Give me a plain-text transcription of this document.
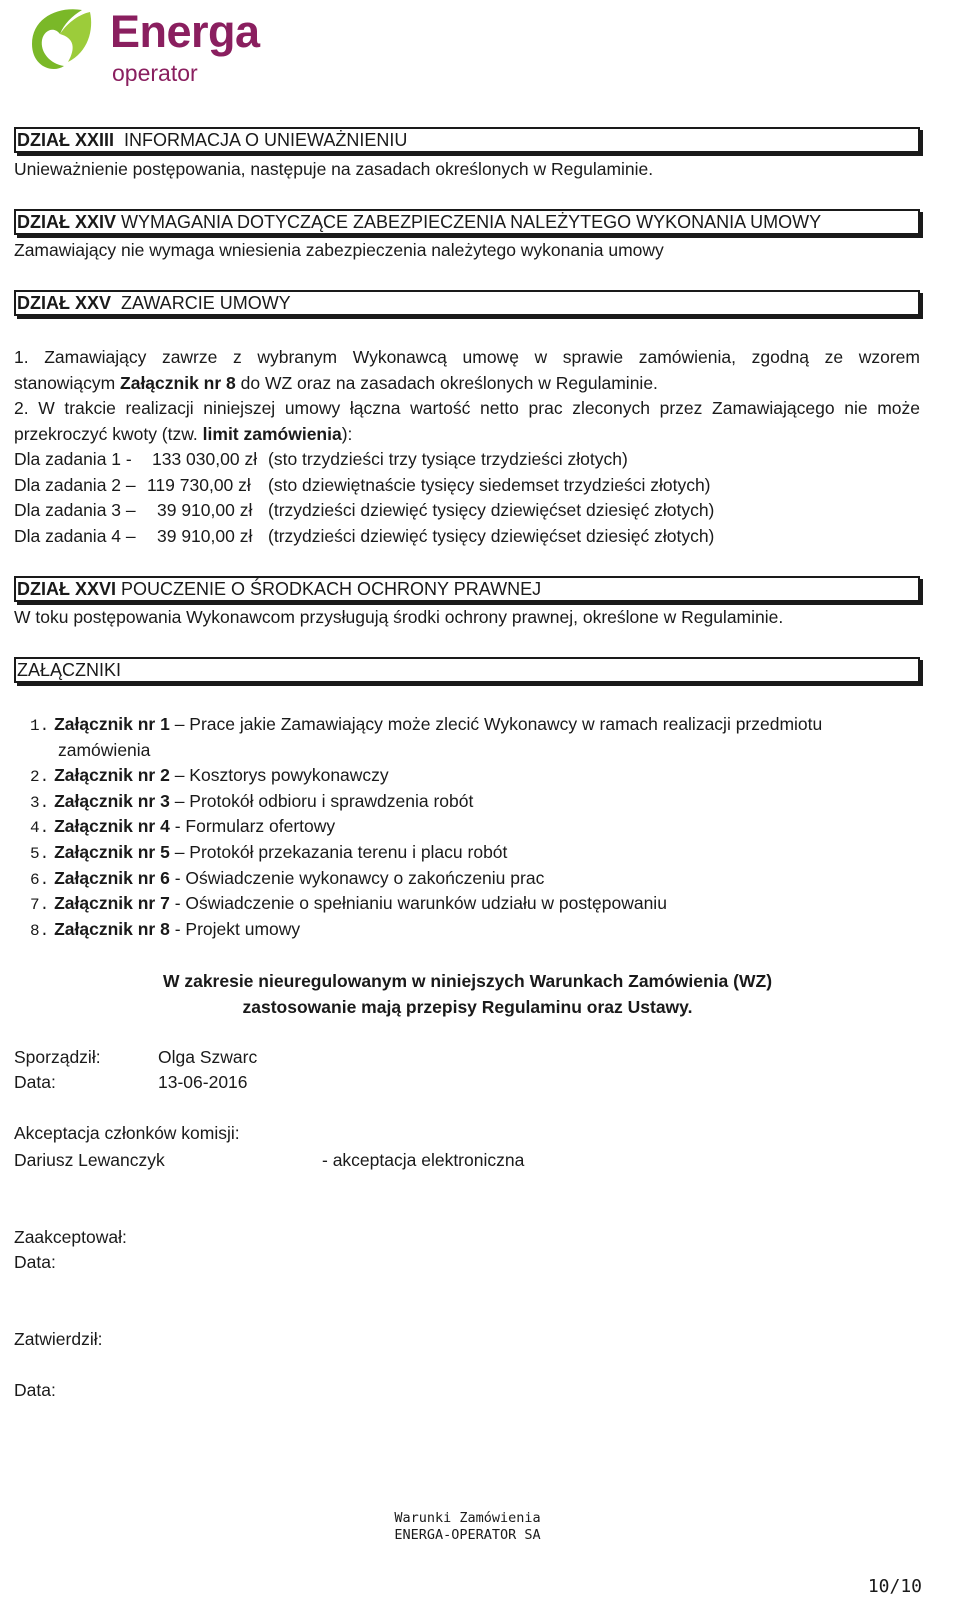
Energa
operator
DZIAŁ XXIII INFORMACJA O UNIEWAŻNIENIU
Unieważnienie postępowania, następuje na zasadach określonych w Regulaminie.
DZIAŁ XXIV WYMAGANIA DOTYCZĄCE ZABEZPIECZENIA NALEŻYTEGO WYKONANIA UMOWY
Zamawiający nie wymaga wniesienia zabezpieczenia należytego wykonania umowy
DZIAŁ XXV ZAWARCIE UMOWY
1. Zamawiający zawrze z wybranym Wykonawcą umowę w sprawie zamówienia, zgodną ze wzorem
stanowiącym Załącznik nr 8 do WZ oraz na zasadach określonych w Regulaminie.
2. W trakcie realizacji niniejszej umowy łączna wartość netto prac zleconych przez Zamawiającego nie może
przekroczyć kwoty (tzw. limit zamówienia):
Dla zadania 1 - 133 030,00 zł (sto trzydzieści trzy tysiące trzydzieści złotych)
Dla zadania 2 – 119 730,00 zł (sto dziewiętnaście tysięcy siedemset trzydzieści złotych)
Dla zadania 3 – 39 910,00 zł (trzydzieści dziewięć tysięcy dziewięćset dziesięć złotych)
Dla zadania 4 – 39 910,00 zł (trzydzieści dziewięć tysięcy dziewięćset dziesięć złotych)
DZIAŁ XXVI POUCZENIE O ŚRODKACH OCHRONY PRAWNEJ
W toku postępowania Wykonawcom przysługują środki ochrony prawnej, określone w Regulaminie.
ZAŁĄCZNIKI
1. Załącznik nr 1 – Prace jakie Zamawiający może zlecić Wykonawcy w ramach realizacji przedmiotu
zamówienia
2. Załącznik nr 2 – Kosztorys powykonawczy
3. Załącznik nr 3 – Protokół odbioru i sprawdzenia robót
4. Załącznik nr 4 - Formularz ofertowy
5. Załącznik nr 5 – Protokół przekazania terenu i placu robót
6. Załącznik nr 6 - Oświadczenie wykonawcy o zakończeniu prac
7. Załącznik nr 7 - Oświadczenie o spełnianiu warunków udziału w postępowaniu
8. Załącznik nr 8 - Projekt umowy
W zakresie nieuregulowanym w niniejszych Warunkach Zamówienia (WZ)
zastosowanie mają przepisy Regulaminu oraz Ustawy.
Sporządził:	Olga Szwarc
Data:	13-06-2016
Akceptacja członków komisji:
Dariusz Lewanczyk	- akceptacja elektroniczna
Zaakceptował:
Data:
Zatwierdził:
Data:
Warunki Zamówienia
ENERGA-OPERATOR SA
10/10
